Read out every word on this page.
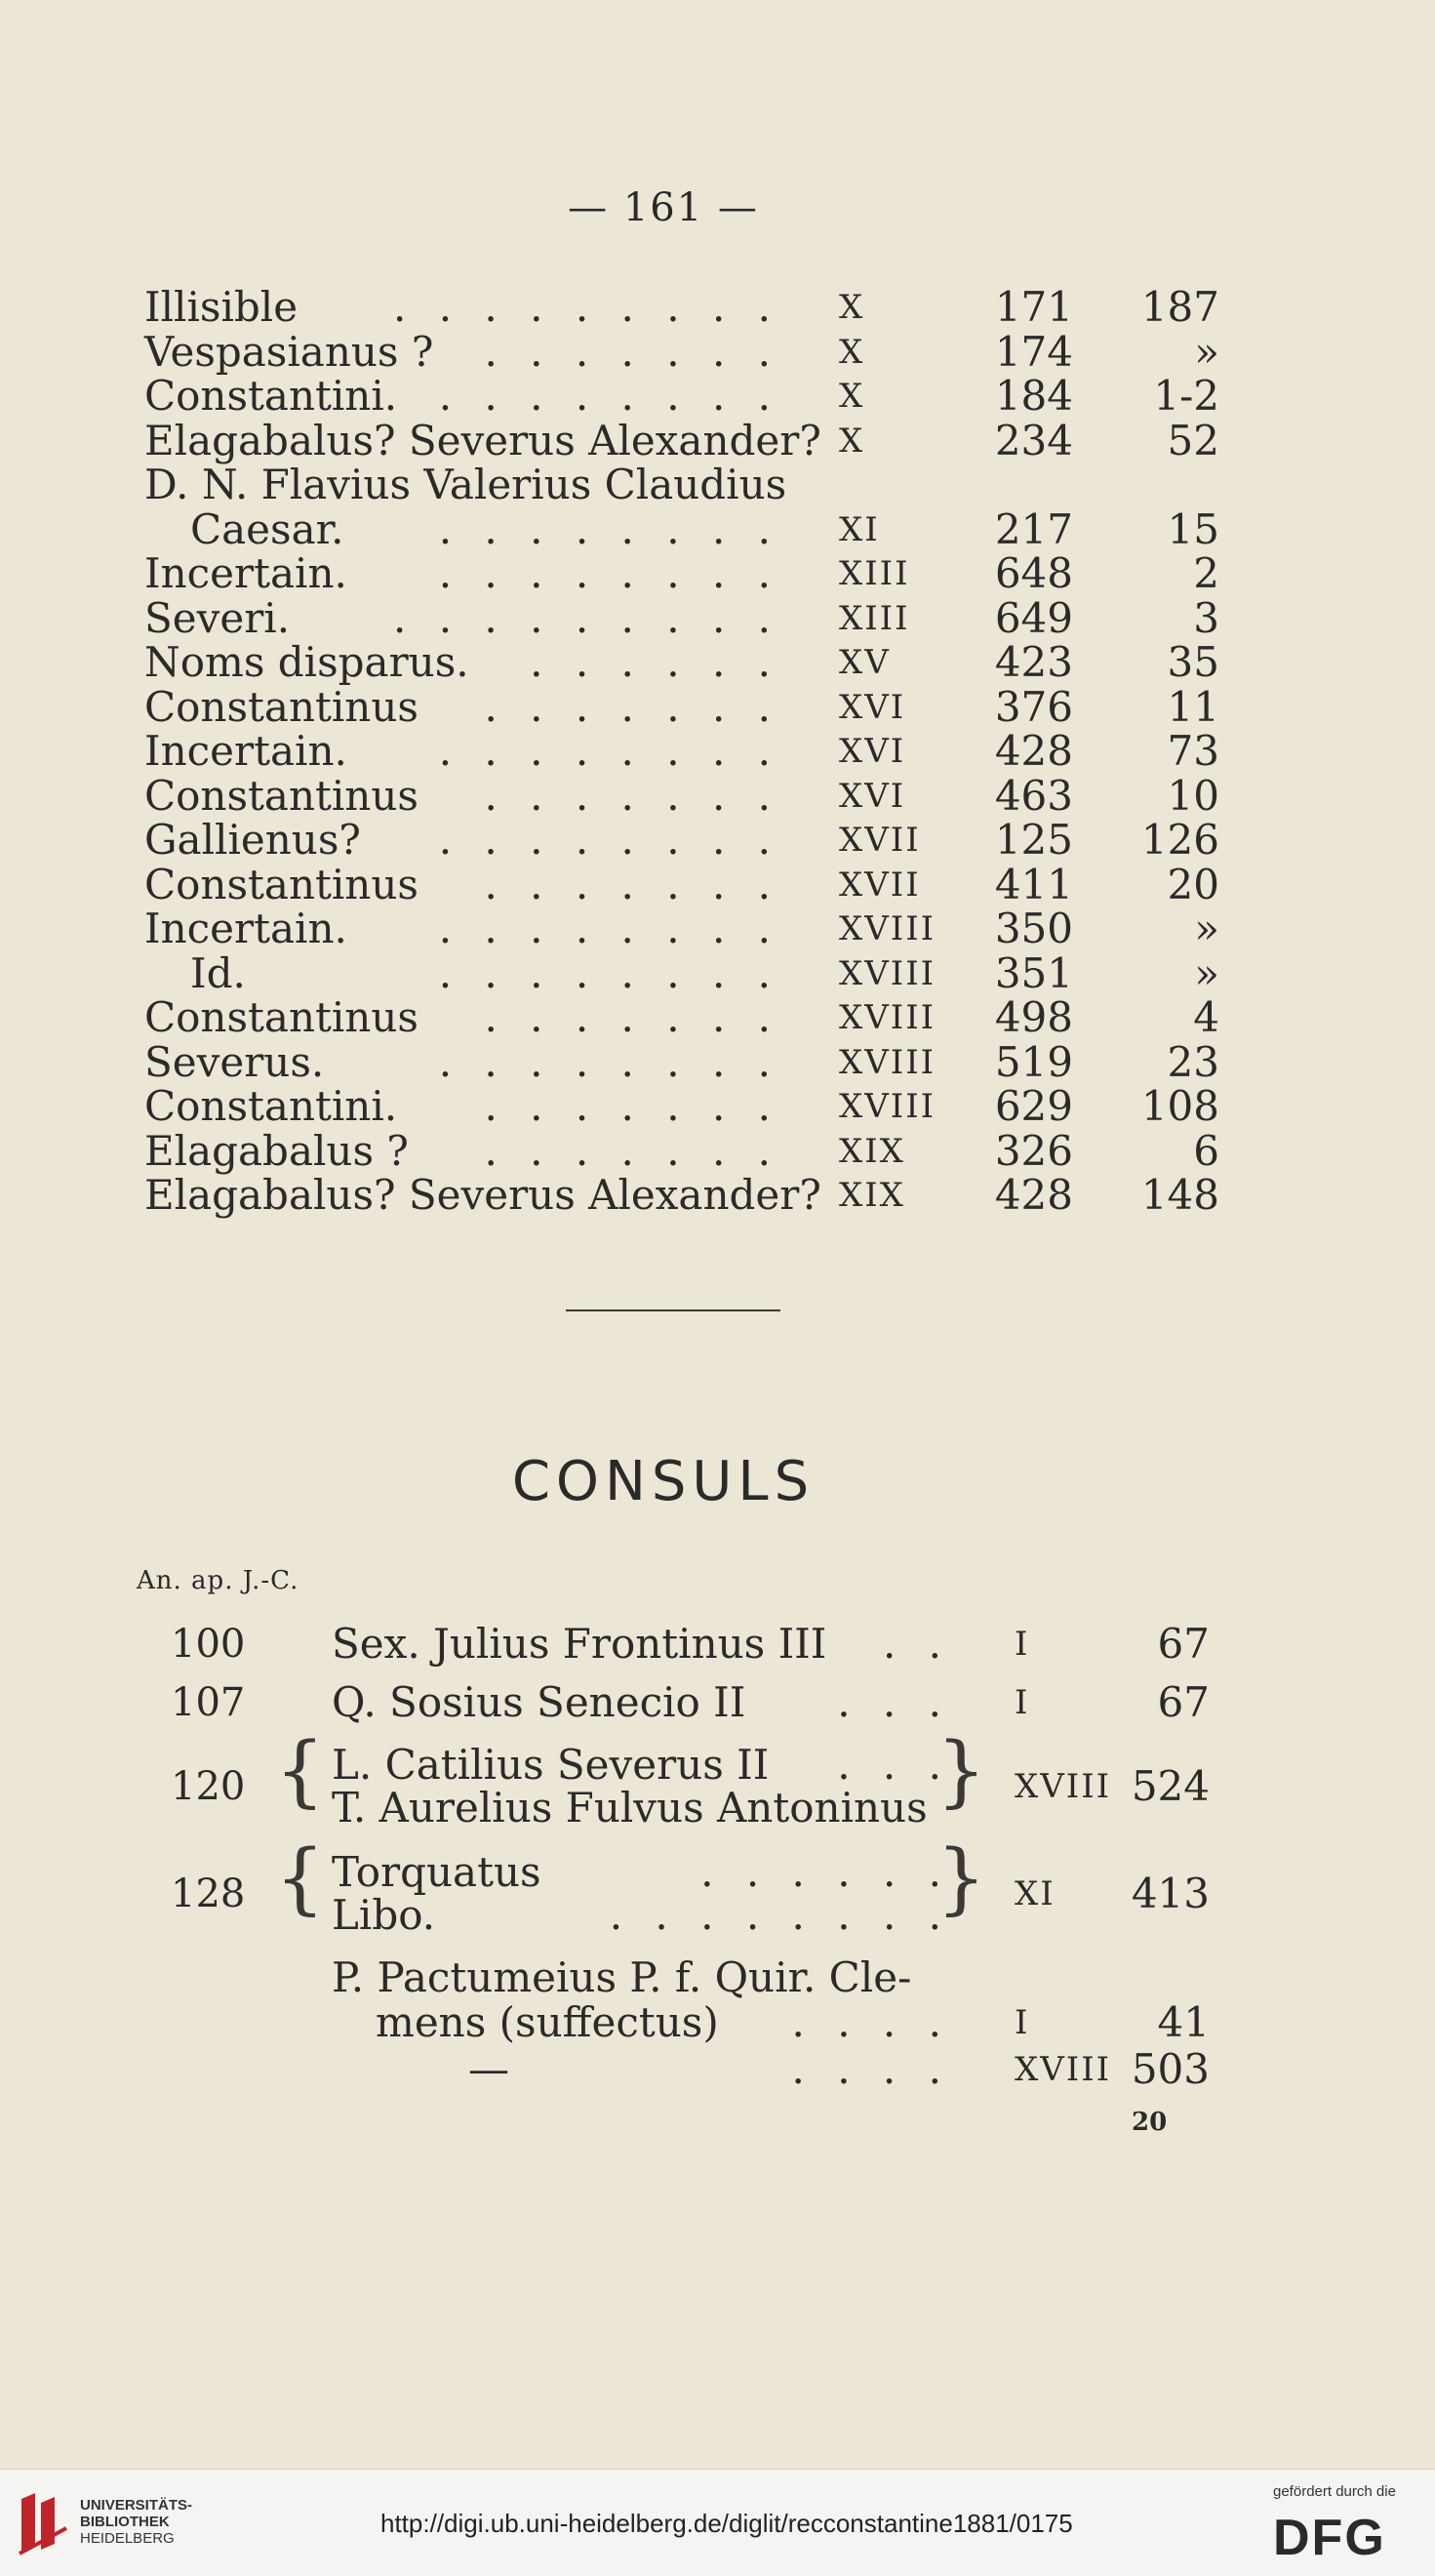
— 161 —
Illisible	. . . . . . . . . X	171	187
Vespasianus ?	. . . . . . . X	174	»
Constantini.	. . . . . . . . X	184	1-2
Elagabalus? Severus Alexander? X	234	52
D. N. Flavius Valerius Claudius
Caesar.	. . . . . . . . XI	217	15
Incertain.	. . . . . . . . XIII	648	2
Severi.	. . . . . . . . . XIII	649	3
Noms disparus.	. . . . . . XV	423	35
Constantinus	. . . . . . . XVI	376	11
Incertain.	. . . . . . . . XVI	428	73
Constantinus	. . . . . . . XVI	463	10
Gallienus?	. . . . . . . . XVII	125	126
Constantinus	. . . . . . . XVII	411	20
Incertain.	. . . . . . . . XVIII	350	»
Id.	. . . . . . . . XVIII	351	»
Constantinus	. . . . . . . XVIII	498	4
Severus.	. . . . . . . . XVIII	519	23
Constantini.	. . . . . . . XVIII	629	108
Elagabalus ?	. . . . . . . XIX	326	6
Elagabalus? Severus Alexander? XIX	428	148
CONSULS
An. ap. J.-C.
100 Sex. Julius Frontinus III	. . I	67
107 Q. Sosius Senecio II	. . . I	67
120 L. Catilius Severus II	. . . XVIII 524
T. Aurelius Fulvus Antoninus
128 Torquatus	. . . . . . XI	413
Libo.	. . . . . . . .
P. Pactumeius P. f. Quir. Cle-
mens (suffectus)	. . . . I	41
—	. . . . XVIII 503
{	}
{	}
20
UNIVERSITÄTS-
BIBLIOTHEK
HEIDELBERG
http://digi.ub.uni-heidelberg.de/diglit/recconstantine1881/0175
gefördert durch die
DFG
